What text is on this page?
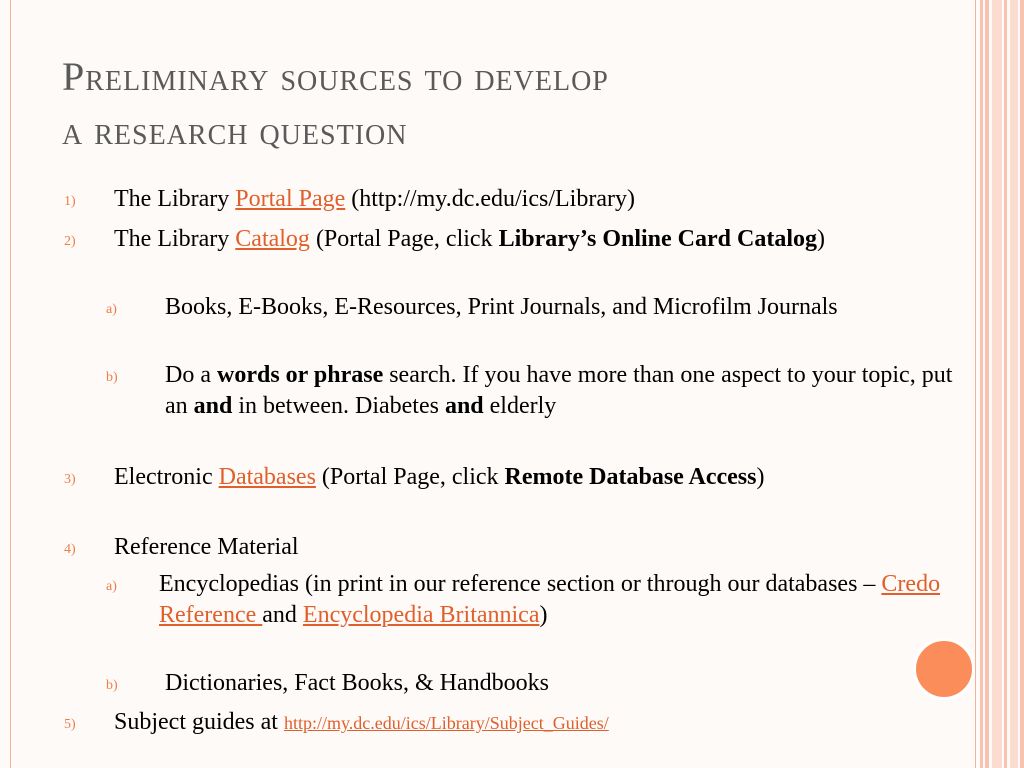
Preliminary sources to develop
a research question
1) The Library Portal Page (http://my.dc.edu/ics/Library)
2) The Library Catalog (Portal Page, click Library’s Online Card Catalog)
a) Books, E-Books, E-Resources, Print Journals, and Microfilm Journals
b) Do a words or phrase search. If you have more than one aspect to your topic, put an and in between. Diabetes and elderly
3) Electronic Databases (Portal Page, click Remote Database Access)
4) Reference Material
a) Encyclopedias (in print in our reference section or through our databases – Credo Reference and Encyclopedia Britannica)
b) Dictionaries, Fact Books, & Handbooks
5) Subject guides at http://my.dc.edu/ics/Library/Subject_Guides/
